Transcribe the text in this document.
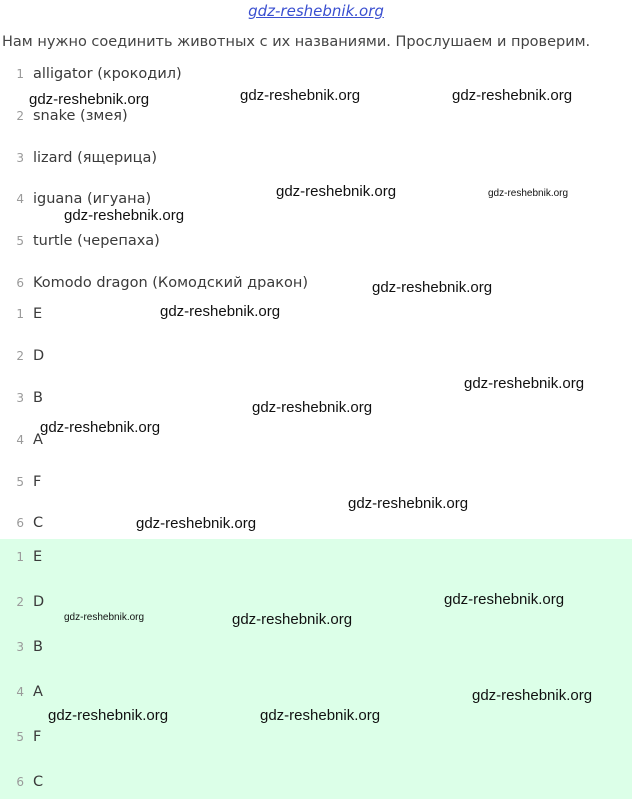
gdz-reshebnik.org
Нам нужно соединить животных с их названиями. Прослушаем и проверим.
1 alligator (крокодил)
2 snake (змея)
3 lizard (ящерица)
4 iguana (игуана)
5 turtle (черепаха)
6 Komodo dragon (Комодский дракон)
1 E
2 D
3 B
4 A
5 F
6 C
1 E
2 D
3 B
4 A
5 F
6 C
gdz-reshebnik.org	gdz-reshebnik.org	gdz-reshebnik.org
gdz-reshebnik.org	gdz-reshebnik.org
gdz-reshebnik.org
gdz-reshebnik.org
gdz-reshebnik.org
gdz-reshebnik.org
gdz-reshebnik.org
gdz-reshebnik.org
gdz-reshebnik.org
gdz-reshebnik.org
gdz-reshebnik.org
gdz-reshebnik.org	gdz-reshebnik.org
gdz-reshebnik.org
gdz-reshebnik.org	gdz-reshebnik.org
